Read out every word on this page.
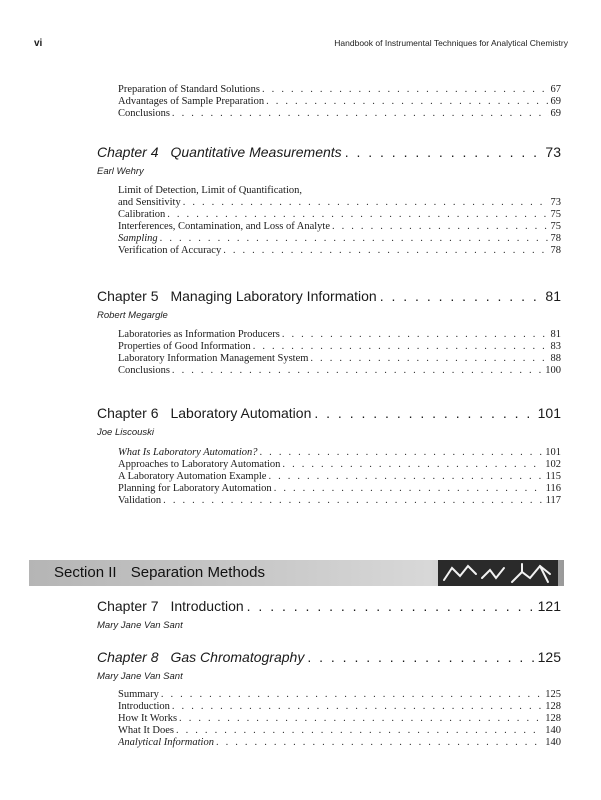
vi	Handbook of Instrumental Techniques for Analytical Chemistry
Preparation of Standard Solutions . . .	67
Advantages of Sample Preparation . . .	69
Conclusions . . .	69
Chapter 4 Quantitative Measurements . . .	73
Earl Wehry
Limit of Detection, Limit of Quantification,
and Sensitivity . . .	73
Calibration . . .	75
Interferences, Contamination, and Loss of Analyte . . .	75
Sampling . . .	78
Verification of Accuracy . . .	78
Chapter 5 Managing Laboratory Information . . .	81
Robert Megargle
Laboratories as Information Producers . . .	81
Properties of Good Information . . .	83
Laboratory Information Management System . . .	88
Conclusions . . .	100
Chapter 6 Laboratory Automation . . .	101
Joe Liscouski
What Is Laboratory Automation? . . .	101
Approaches to Laboratory Automation . . .	102
A Laboratory Automation Example . . .	115
Planning for Laboratory Automation . . .	116
Validation . . .	117
Section II Separation Methods
Chapter 7 Introduction . . .	121
Mary Jane Van Sant
Chapter 8 Gas Chromatography . . .	125
Mary Jane Van Sant
Summary . . .	125
Introduction . . .	128
How It Works . . .	128
What It Does . . .	140
Analytical Information . . .	140
